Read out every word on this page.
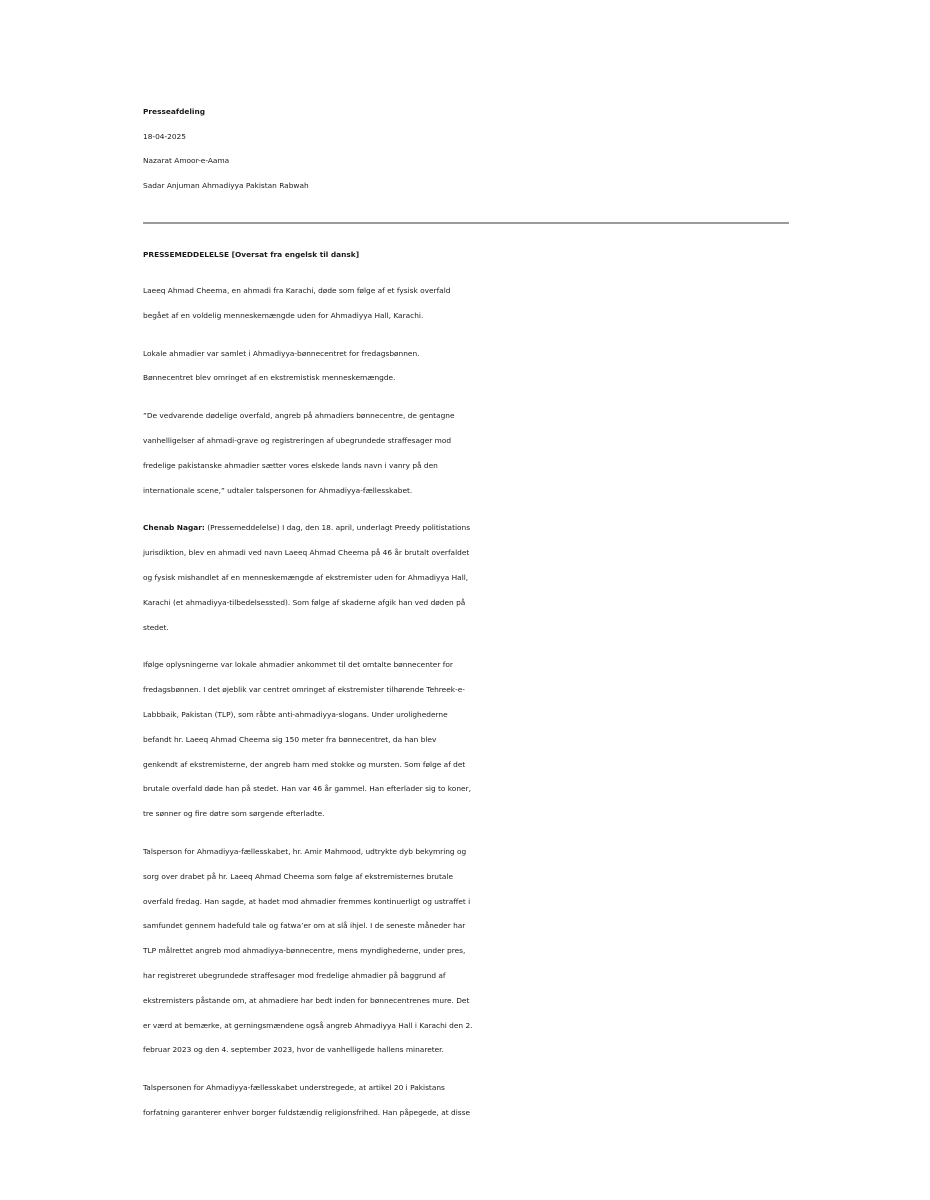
Presseafdeling
18-04-2025
Nazarat Amoor-e-Aama
Sadar Anjuman Ahmadiyya Pakistan Rabwah
PRESSEMEDDELELSE [Oversat fra engelsk til dansk]

Laeeq Ahmad Cheema, en ahmadi fra Karachi, døde som følge af et fysisk overfald
begået af en voldelig menneskemængde uden for Ahmadiyya Hall, Karachi.

Lokale ahmadier var samlet i Ahmadiyya-bønnecentret for fredagsbønnen.
Bønnecentret blev omringet af en ekstremistisk menneskemængde.

”De vedvarende dødelige overfald, angreb på ahmadiers bønnecentre, de gentagne
vanhelligelser af ahmadi-grave og registreringen af ubegrundede straffesager mod
fredelige pakistanske ahmadier sætter vores elskede lands navn i vanry på den
internationale scene,” udtaler talspersonen for Ahmadiyya-fællesskabet.

Chenab Nagar: (Pressemeddelelse) I dag, den 18. april, underlagt Preedy politistations
jurisdiktion, blev en ahmadi ved navn Laeeq Ahmad Cheema på 46 år brutalt overfaldet
og fysisk mishandlet af en menneskemængde af ekstremister uden for Ahmadiyya Hall,
Karachi (et ahmadiyya-tilbedelsessted). Som følge af skaderne afgik han ved døden på
stedet.

Ifølge oplysningerne var lokale ahmadier ankommet til det omtalte bønnecenter for
fredagsbønnen. I det øjeblik var centret omringet af ekstremister tilhørende Tehreek-e-
Labbbaik, Pakistan (TLP), som råbte anti-ahmadiyya-slogans. Under urolighederne
befandt hr. Laeeq Ahmad Cheema sig 150 meter fra bønnecentret, da han blev
genkendt af ekstremisterne, der angreb ham med stokke og mursten. Som følge af det
brutale overfald døde han på stedet. Han var 46 år gammel. Han efterlader sig to koner,
tre sønner og fire døtre som sørgende efterladte.

Talsperson for Ahmadiyya-fællesskabet, hr. Amir Mahmood, udtrykte dyb bekymring og
sorg over drabet på hr. Laeeq Ahmad Cheema som følge af ekstremisternes brutale
overfald fredag. Han sagde, at hadet mod ahmadier fremmes kontinuerligt og ustraffet i
samfundet gennem hadefuld tale og fatwa’er om at slå ihjel. I de seneste måneder har
TLP målrettet angreb mod ahmadiyya-bønnecentre, mens myndighederne, under pres,
har registreret ubegrundede straffesager mod fredelige ahmadier på baggrund af
ekstremisters påstande om, at ahmadiere har bedt inden for bønnecentrenes mure. Det
er værd at bemærke, at gerningsmændene også angreb Ahmadiyya Hall i Karachi den 2.
februar 2023 og den 4. september 2023, hvor de vanhelligede hallens minareter.

Talspersonen for Ahmadiyya-fællesskabet understregede, at artikel 20 i Pakistans
forfatning garanterer enhver borger fuldstændig religionsfrihed. Han påpegede, at disse
